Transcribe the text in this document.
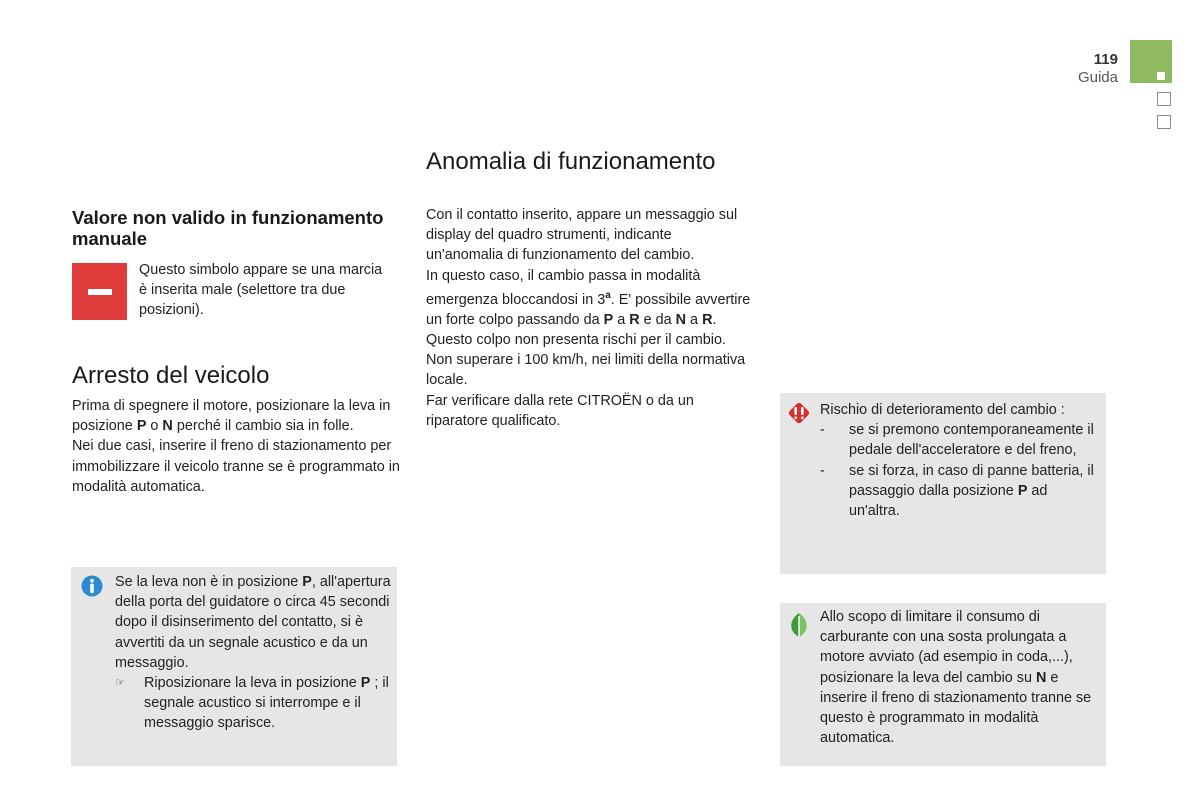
119
Guida
Valore non valido in funzionamento manuale

Questo simbolo appare se una marcia è inserita male (selettore tra due posizioni).

Arresto del veicolo

Prima di spegnere il motore, posizionare la leva in posizione P o N perché il cambio sia in folle.

Nei due casi, inserire il freno di stazionamento per immobilizzare il veicolo tranne se è programmato in modalità automatica.

Se la leva non è in posizione P, all'apertura della porta del guidatore o circa 45 secondi dopo il disinserimento del contatto, si è avvertiti da un segnale acustico e da un messaggio.

☞	Riposizionare la leva in posizione P ; il segnale acustico si interrompe e il messaggio sparisce.
Anomalia di funzionamento

Con il contatto inserito, appare un messaggio sul display del quadro strumenti, indicante un'anomalia di funzionamento del cambio.

In questo caso, il cambio passa in modalità emergenza bloccandosi in 3$^a$. E' possibile avvertire un forte colpo passando da P a R e da N a R. Questo colpo non presenta rischi per il cambio.

Non superare i 100 km/h, nei limiti della normativa locale.

Far verificare dalla rete CITROËN o da un riparatore qualificato.

Rischio di deterioramento del cambio :

-	se si premono contemporaneamente il pedale dell'acceleratore e del freno,
-	se si forza, in caso di panne batteria, il passaggio dalla posizione P ad un'altra.

Allo scopo di limitare il consumo di carburante con una sosta prolungata a motore avviato (ad esempio in coda,...), posizionare la leva del cambio su N e inserire il freno di stazionamento tranne se questo è programmato in modalità automatica.
